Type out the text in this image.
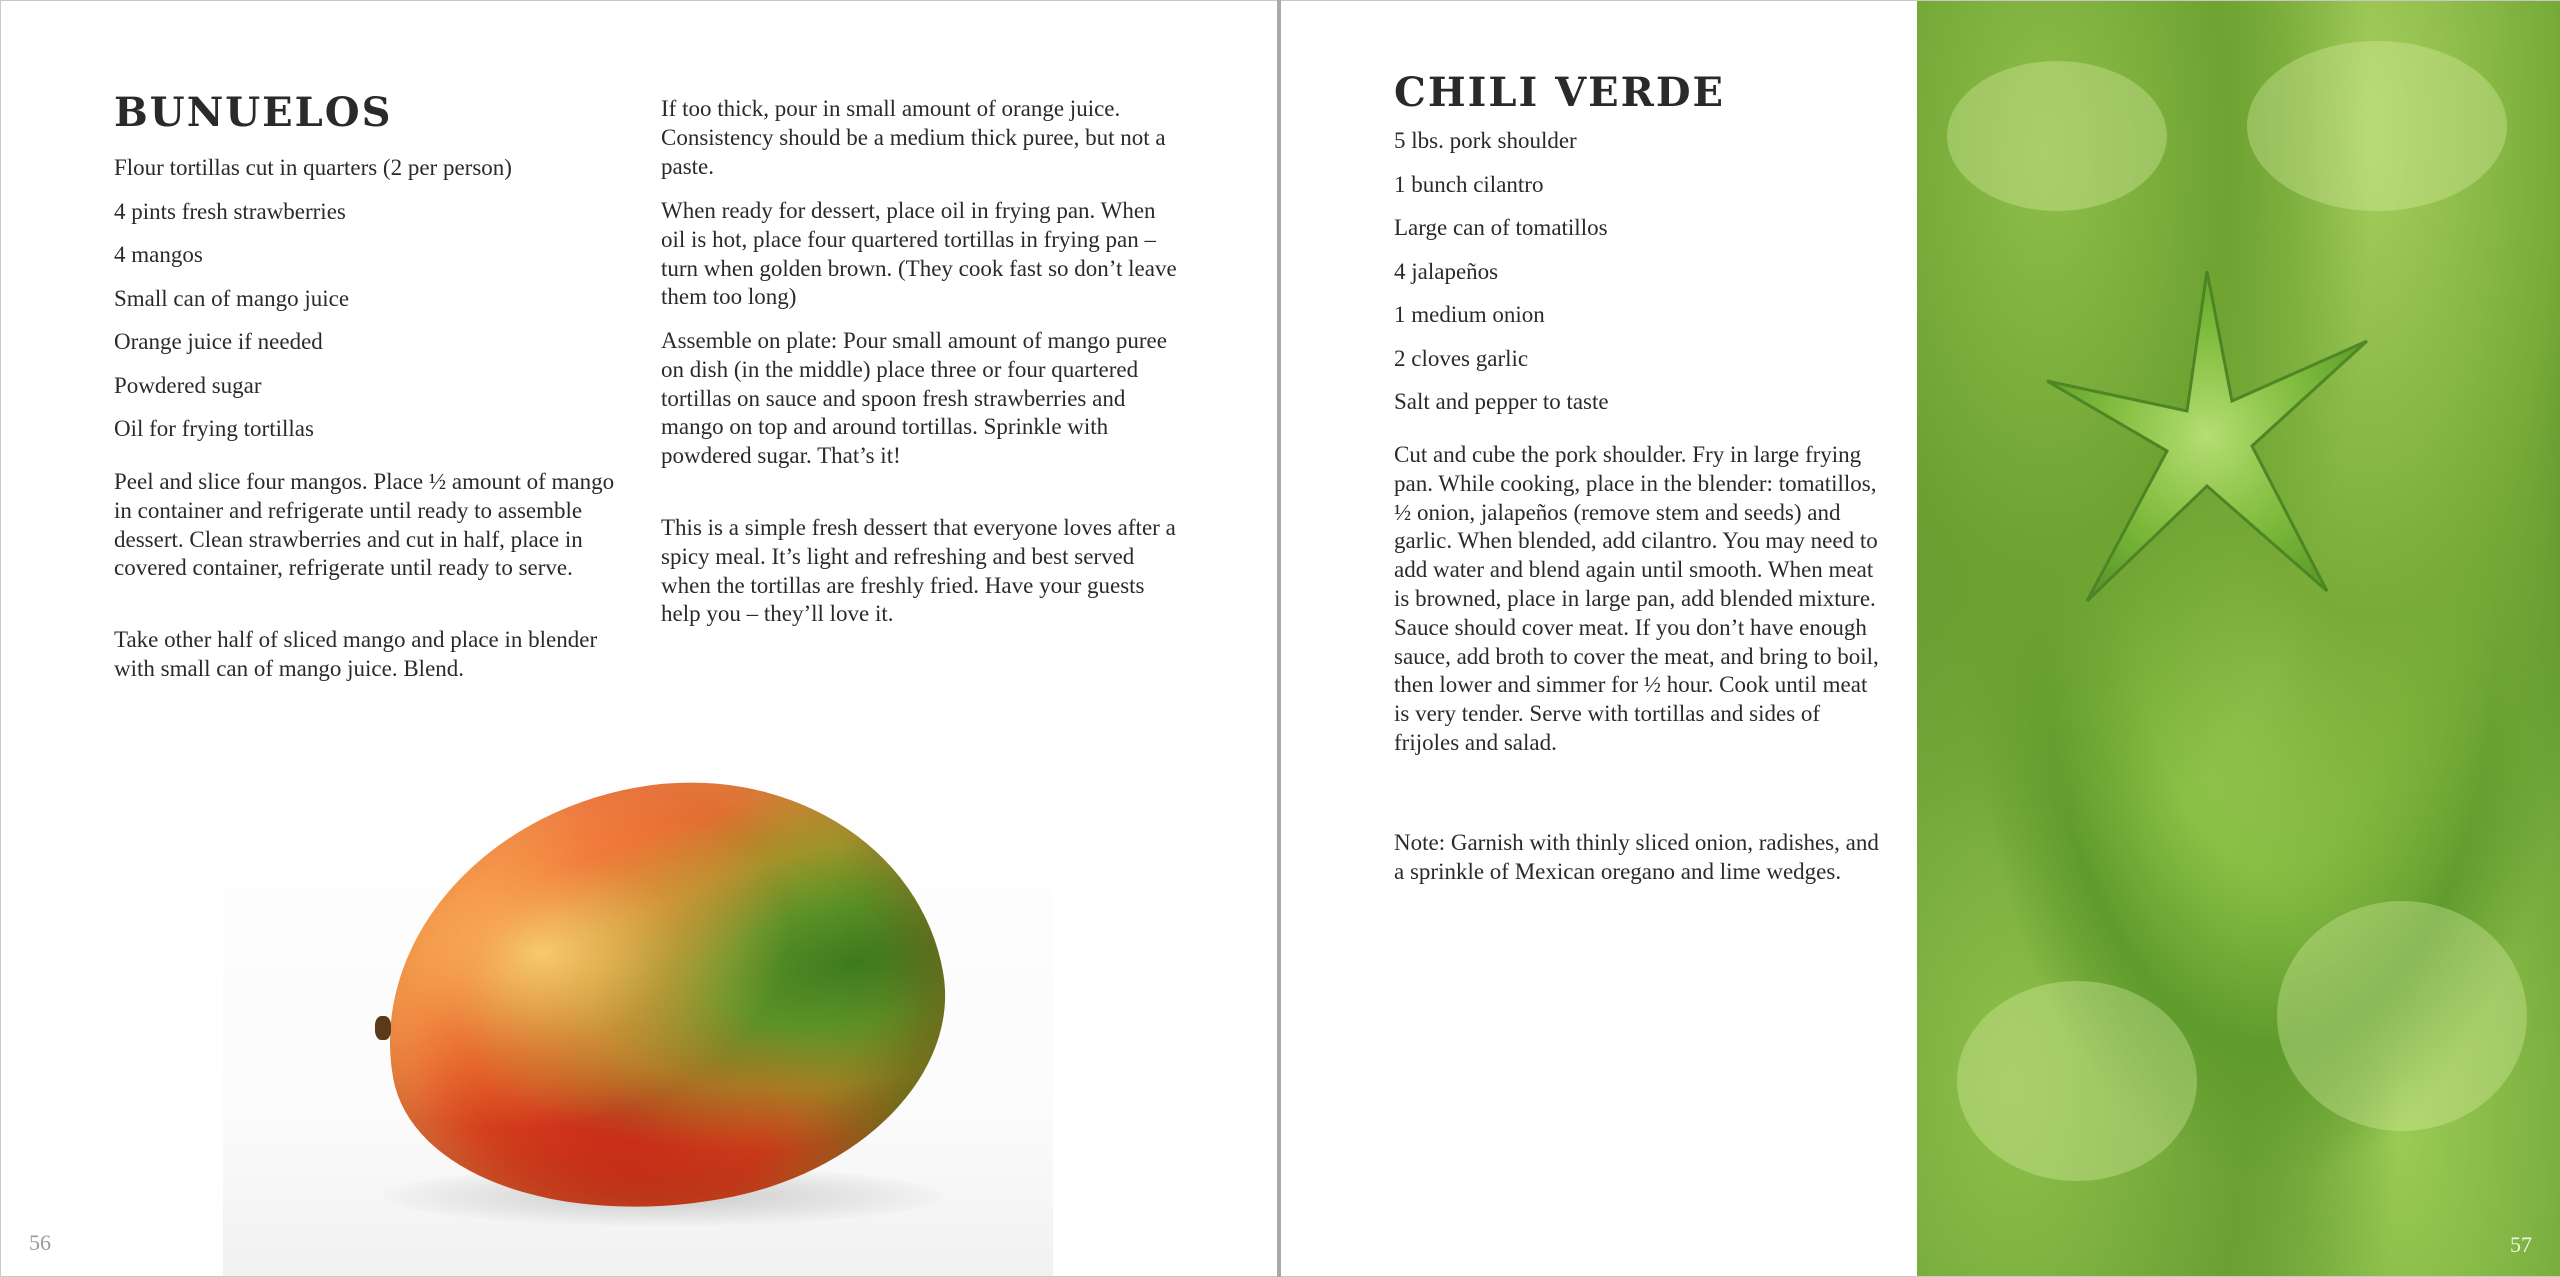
BUNUELOS
Flour tortillas cut in quarters (2 per person)
4 pints fresh strawberries
4 mangos
Small can of mango juice
Orange juice if needed
Powdered sugar
Oil for frying tortillas

Peel and slice four mangos. Place ½ amount of mango in container and refrigerate until ready to assemble dessert. Clean strawberries and cut in half, place in covered container, refrigerate until ready to serve.

Take other half of sliced mango and place in blender with small can of mango juice. Blend.

If too thick, pour in small amount of orange juice. Consistency should be a medium thick puree, but not a paste.

When ready for dessert, place oil in frying pan. When oil is hot, place four quartered tortillas in frying pan – turn when golden brown. (They cook fast so don’t leave them too long)

Assemble on plate: Pour small amount of mango puree on dish (in the middle) place three or four quartered tortillas on sauce and spoon fresh strawberries and mango on top and around tortillas. Sprinkle with powdered sugar. That’s it!

This is a simple fresh dessert that everyone loves after a spicy meal. It’s light and refreshing and best served when the tortillas are freshly fried. Have your guests help you – they’ll love it.

56
CHILI VERDE
5 lbs. pork shoulder
1 bunch cilantro
Large can of tomatillos
4 jalapeños
1 medium onion
2 cloves garlic
Salt and pepper to taste

Cut and cube the pork shoulder. Fry in large frying pan. While cooking, place in the blender: tomatillos, ½ onion, jalapeños (remove stem and seeds) and garlic. When blended, add cilantro. You may need to add water and blend again until smooth. When meat is browned, place in large pan, add blended mixture. Sauce should cover meat. If you don’t have enough sauce, add broth to cover the meat, and bring to boil, then lower and simmer for ½ hour. Cook until meat is very tender. Serve with tortillas and sides of frijoles and salad.

Note: Garnish with thinly sliced onion, radishes, and a sprinkle of Mexican oregano and lime wedges.

57
